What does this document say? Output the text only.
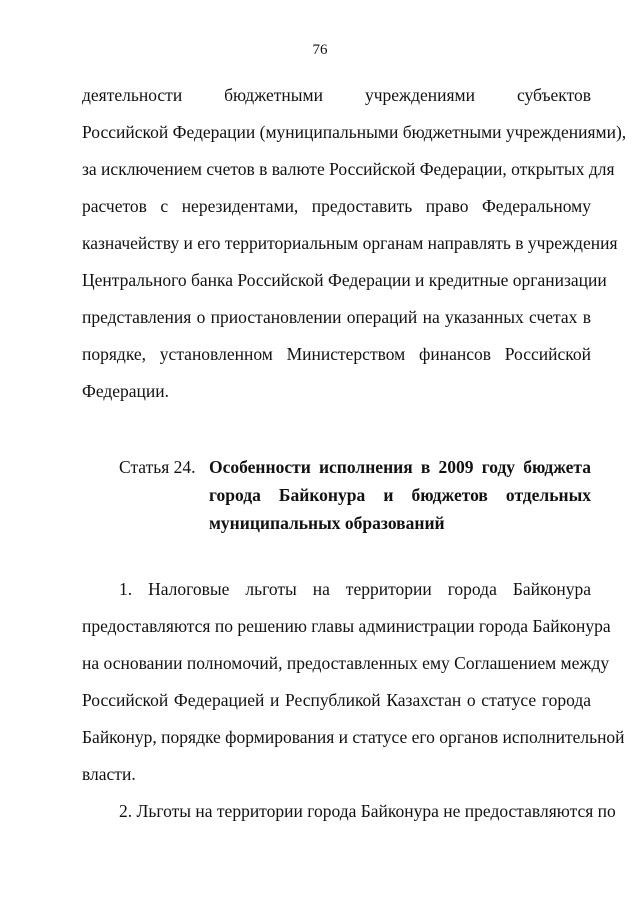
76
деятельности бюджетными учреждениями субъектов
Российской Федерации (муниципальными бюджетными учреждениями),
за исключением счетов в валюте Российской Федерации, открытых для
расчетов с нерезидентами, предоставить право Федеральному
казначейству и его территориальным органам направлять в учреждения
Центрального банка Российской Федерации и кредитные организации
представления о приостановлении операций на указанных счетах в
порядке, установленном Министерством финансов Российской
Федерации.
Статья 24. Особенности исполнения в 2009 году бюджета
города Байконура и бюджетов отдельных
муниципальных образований
1. Налоговые льготы на территории города Байконура
предоставляются по решению главы администрации города Байконура
на основании полномочий, предоставленных ему Соглашением между
Российской Федерацией и Республикой Казахстан о статусе города
Байконур, порядке формирования и статусе его органов исполнительной
власти.
2. Льготы на территории города Байконура не предоставляются по
